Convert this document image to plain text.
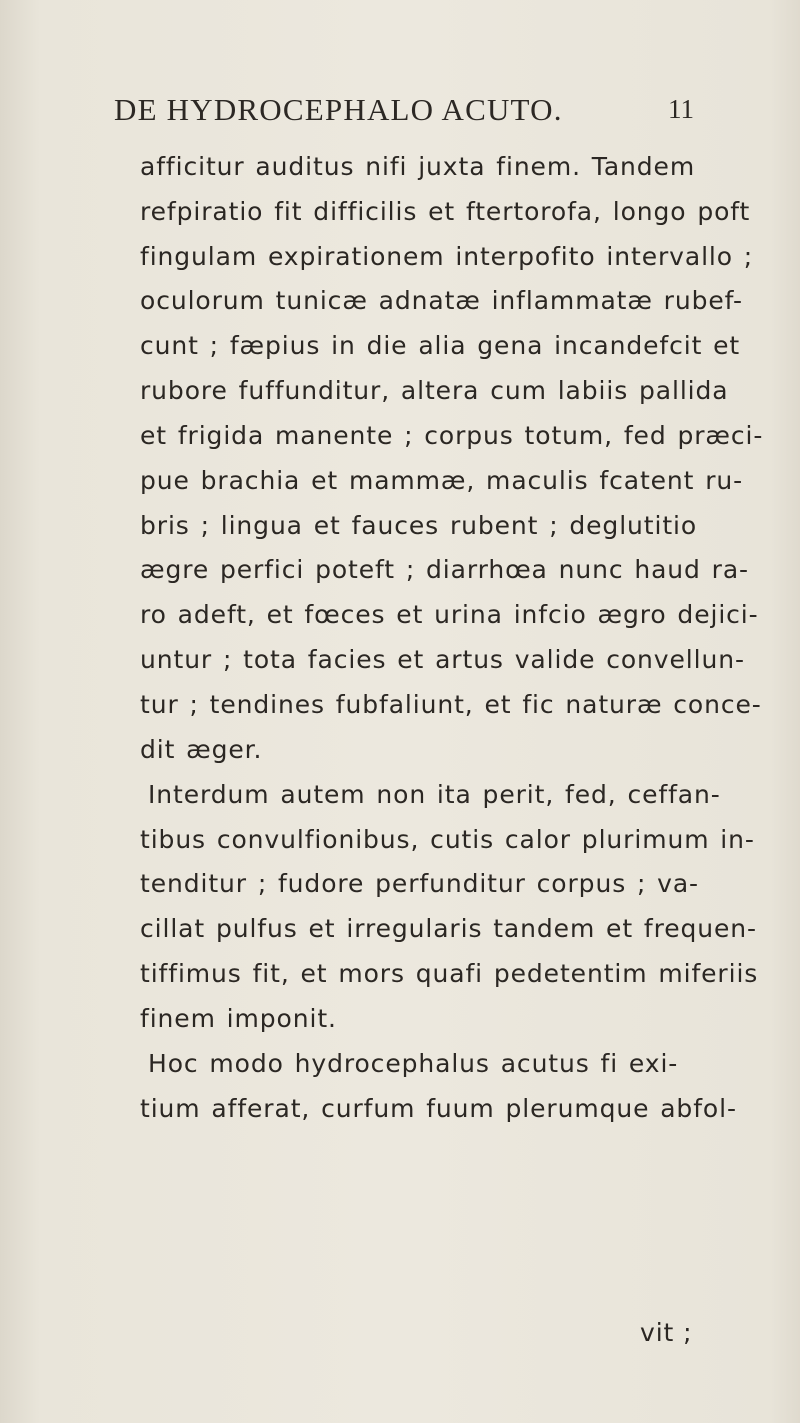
DE HYDROCEPHALO ACUTO.	11
afficitur auditus nifi juxta finem. Tandem
refpiratio fit difficilis et ftertorofa, longo poft
fingulam expirationem interpofito intervallo ;
oculorum tunicæ adnatæ inflammatæ rubef-
cunt ; fæpius in die alia gena incandefcit et
rubore fuffunditur, altera cum labiis pallida
et frigida manente ; corpus totum, fed præci-
pue brachia et mammæ, maculis fcatent ru-
bris ; lingua et fauces rubent ; deglutitio
ægre perfici poteft ; diarrhœa nunc haud ra-
ro adeft, et fœces et urina infcio ægro dejici-
untur ; tota facies et artus valide convellun-
tur ; tendines fubfaliunt, et fic naturæ conce-
dit æger.
Interdum autem non ita perit, fed, ceffan-
tibus convulfionibus, cutis calor plurimum in-
tenditur ; fudore perfunditur corpus ; va-
cillat pulfus et irregularis tandem et frequen-
tiffimus fit, et mors quafi pedetentim miferiis
finem imponit.
Hoc modo hydrocephalus acutus fi exi-
tium afferat, curfum fuum plerumque abfol-
vit ;
